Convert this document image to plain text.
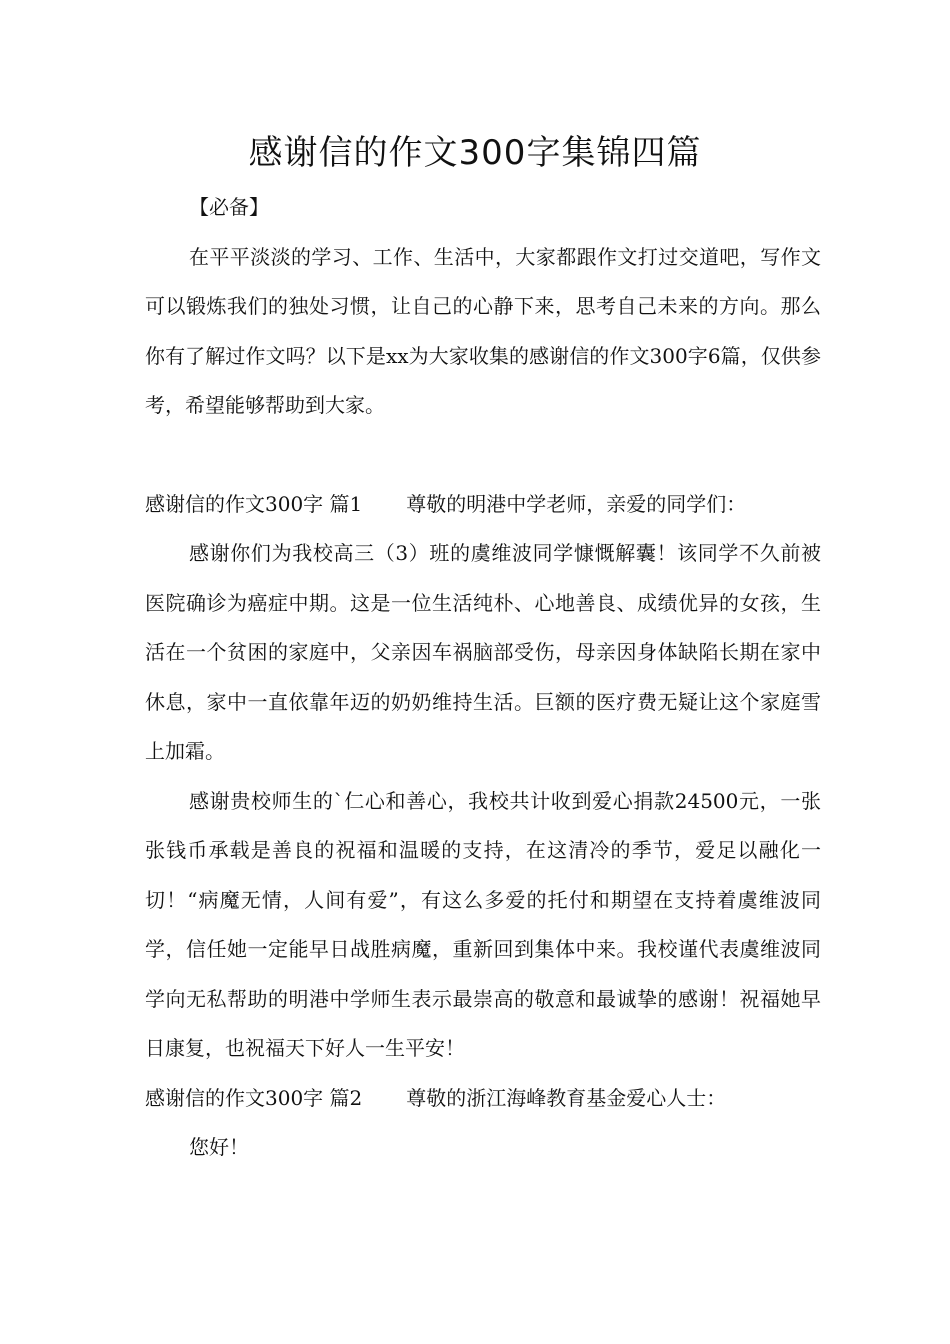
感谢信的作文300字集锦四篇

【必备】

在平平淡淡的学习、工作、生活中，大家都跟作文打过交道吧，写作文可以锻炼我们的独处习惯，让自己的心静下来，思考自己未来的方向。那么你有了解过作文吗？以下是xx为大家收集的感谢信的作文300字6篇，仅供参考，希望能够帮助到大家。

感谢信的作文300字 篇1 尊敬的明港中学老师，亲爱的同学们：

感谢你们为我校高三（3）班的虞维波同学慷慨解囊！该同学不久前被医院确诊为癌症中期。这是一位生活纯朴、心地善良、成绩优异的女孩，生活在一个贫困的家庭中，父亲因车祸脑部受伤，母亲因身体缺陷长期在家中休息，家中一直依靠年迈的奶奶维持生活。巨额的医疗费无疑让这个家庭雪上加霜。

感谢贵校师生的`仁心和善心，我校共计收到爱心捐款24500元，一张张钱币承载是善良的祝福和温暖的支持，在这清冷的季节，爱足以融化一切！“病魔无情，人间有爱”，有这么多爱的托付和期望在支持着虞维波同学，信任她一定能早日战胜病魔，重新回到集体中来。我校谨代表虞维波同学向无私帮助的明港中学师生表示最崇高的敬意和最诚挚的感谢！祝福她早日康复，也祝福天下好人一生平安！

感谢信的作文300字 篇2 尊敬的浙江海峰教育基金爱心人士：

您好！
